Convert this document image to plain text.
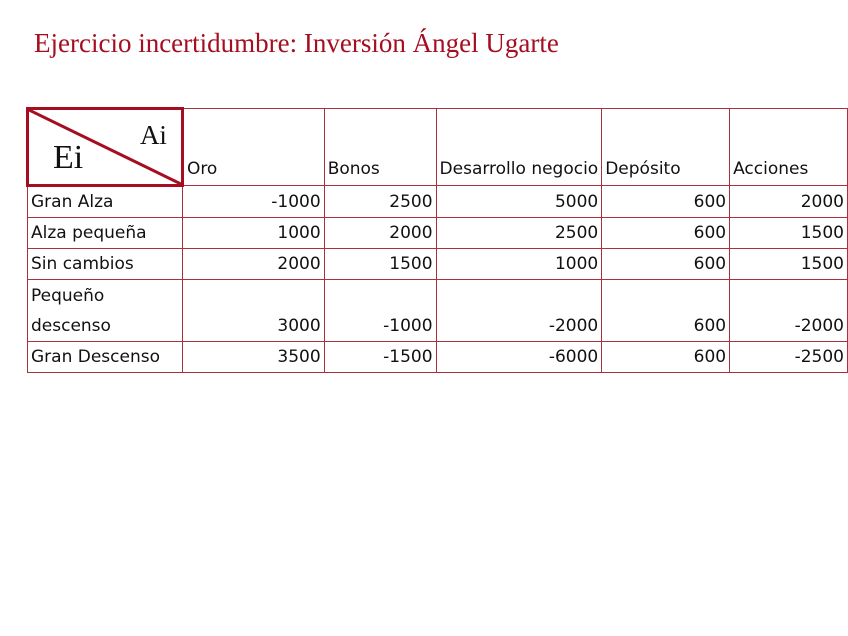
Ejercicio incertidumbre: Inversión Ángel Ugarte
Ai
Ei	Oro	Bonos	Desarrollo negocio	Depósito	Acciones
Gran Alza	-1000	2500	5000	600	2000
Alza pequeña	1000	2000	2500	600	1500
Sin cambios	2000	1500	1000	600	1500
Pequeño descenso	3000	-1000	-2000	600	-2000
Gran Descenso	3500	-1500	-6000	600	-2500
